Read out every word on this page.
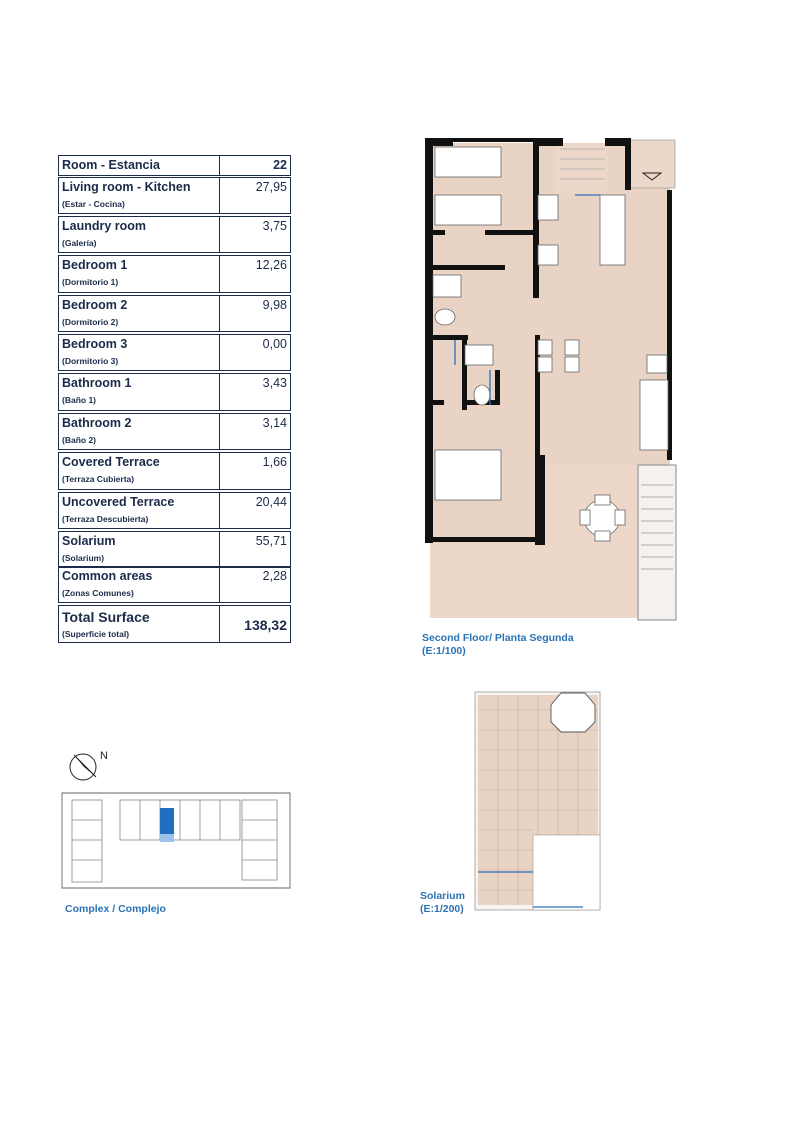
Room - Estancia	22
Living room - Kitchen
(Estar - Cocina)
27,95
Laundry room
(Galería)
3,75
Bedroom 1
(Dormitorio 1)
12,26
Bedroom 2
(Dormitorio 2)
9,98
Bedroom 3
(Dormitorio 3)
0,00
Bathroom 1
(Baño 1)
3,43
Bathroom 2
(Baño 2)
3,14
Covered Terrace
(Terraza Cubierta)
1,66
Uncovered Terrace
(Terraza Descubierta)
20,44
Solarium
(Solarium)
55,71
Common areas
(Zonas Comunes)
2,28
Total Surface
(Superficie total)
138,32
Second Floor/ Planta Segunda
(E:1/100)
Solarium
(E:1/200)
N
Complex / Complejo
